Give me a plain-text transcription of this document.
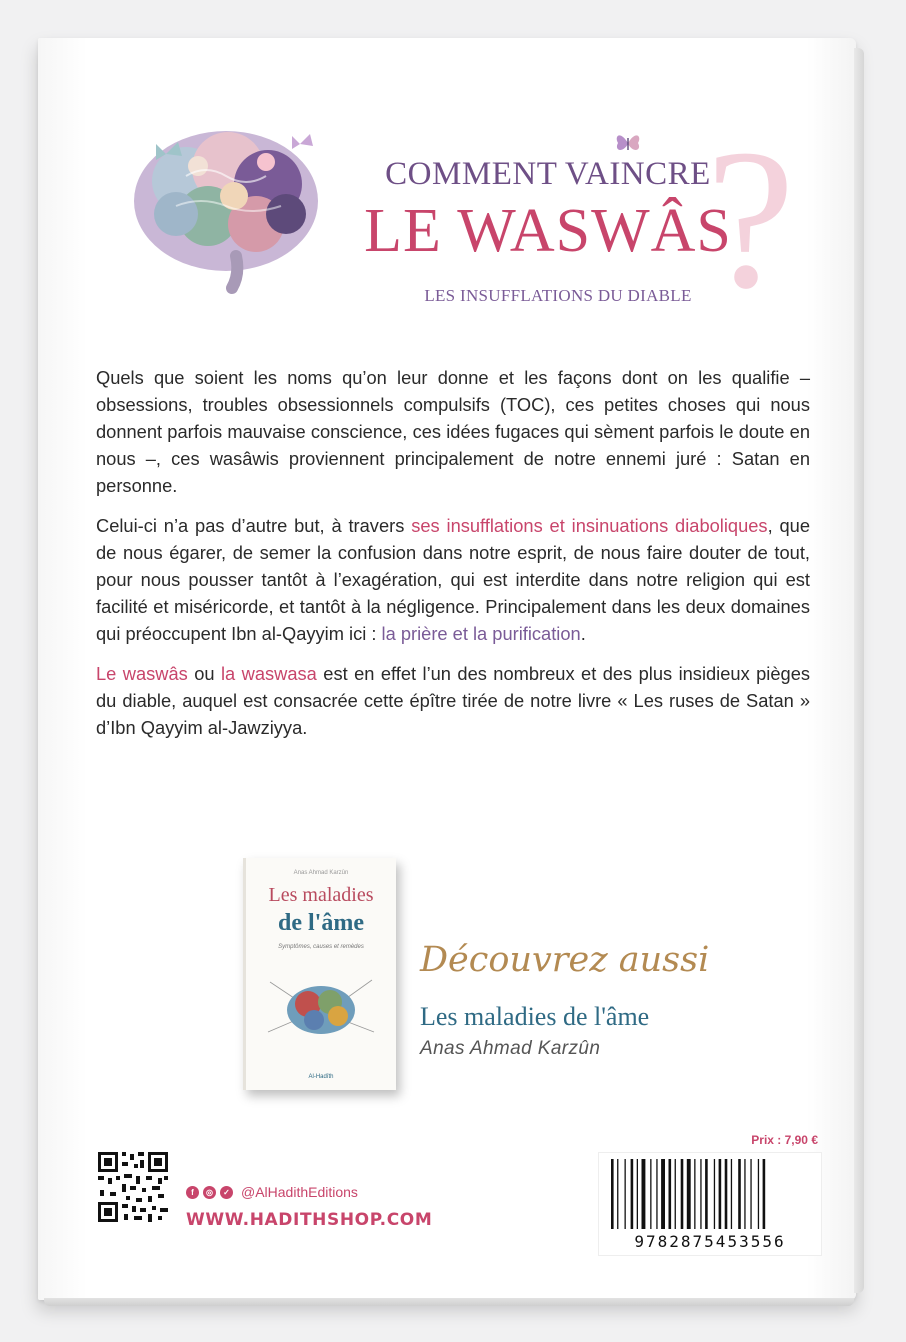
?
COMMENT VAINCRE
LE WASWÂS
LES INSUFFLATIONS DU DIABLE

Quels que soient les noms qu’on leur donne et les façons dont on les qualifie – obsessions, troubles obsessionnels compulsifs (TOC), ces petites choses qui nous donnent parfois mauvaise conscience, ces idées fugaces qui sèment parfois le doute en nous –, ces wasâwis proviennent principalement de notre ennemi juré : Satan en personne.

Celui-ci n’a pas d’autre but, à travers ses insufflations et insinuations diaboliques, que de nous égarer, de semer la confusion dans notre esprit, de nous faire douter de tout, pour nous pousser tantôt à l’exagération, qui est interdite dans notre religion qui est facilité et miséricorde, et tantôt à la négligence. Principalement dans les deux domaines qui préoccupent Ibn al-Qayyim ici : la prière et la purification.

Le waswâs ou la waswasa est en effet l’un des nombreux et des plus insidieux pièges du diable, auquel est consacrée cette épître tirée de notre livre « Les ruses de Satan » d’Ibn Qayyim al-Jawziyya.

Anas Ahmad Karzûn
Les maladies
de l'âme
Symptômes, causes et remèdes
Al-Hadîth
Découvrez aussi
Les maladies de l'âme
Anas Ahmad Karzûn
f	◎	✓ @AlHadithEditions
WWW.HADITHSHOP.COM
Prix : 7,90 €
9782875453556
